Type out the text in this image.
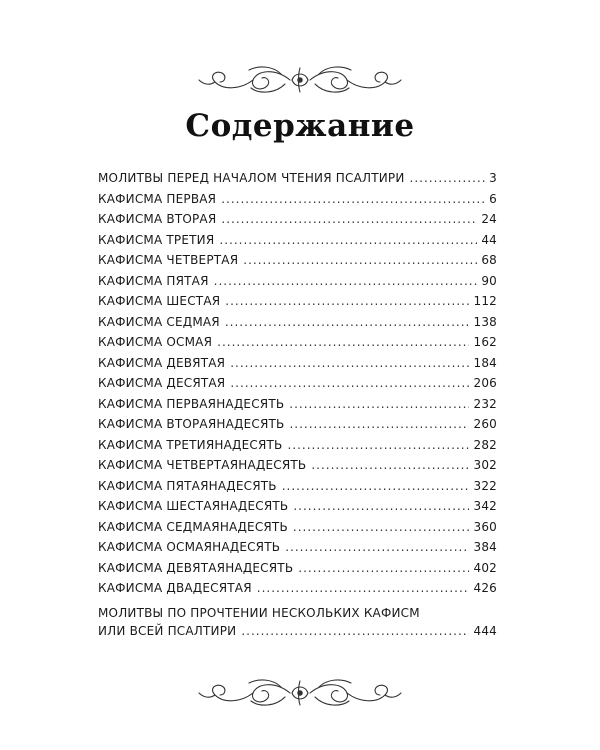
Содержание
МОЛИТВЫ ПЕРЕД НАЧАЛОМ ЧТЕНИЯ ПСАЛТИРИ .....	3
КАФИСМА ПЕРВАЯ .....	6
КАФИСМА ВТОРАЯ .....	24
КАФИСМА ТРЕТИЯ .....	44
КАФИСМА ЧЕТВЕРТАЯ .....	68
КАФИСМА ПЯТАЯ .....	90
КАФИСМА ШЕСТАЯ .....	112
КАФИСМА СЕДМАЯ .....	138
КАФИСМА ОСМАЯ .....	162
КАФИСМА ДЕВЯТАЯ .....	184
КАФИСМА ДЕСЯТАЯ .....	206
КАФИСМА ПЕРВАЯНАДЕСЯТЬ .....	232
КАФИСМА ВТОРАЯНАДЕСЯТЬ .....	260
КАФИСМА ТРЕТИЯНАДЕСЯТЬ .....	282
КАФИСМА ЧЕТВЕРТАЯНАДЕСЯТЬ .....	302
КАФИСМА ПЯТАЯНАДЕСЯТЬ .....	322
КАФИСМА ШЕСТАЯНАДЕСЯТЬ .....	342
КАФИСМА СЕДМАЯНАДЕСЯТЬ .....	360
КАФИСМА ОСМАЯНАДЕСЯТЬ .....	384
КАФИСМА ДЕВЯТАЯНАДЕСЯТЬ .....	402
КАФИСМА ДВАДЕСЯТАЯ .....	426
МОЛИТВЫ ПО ПРОЧТЕНИИ НЕСКОЛЬКИХ КАФИСМ
ИЛИ ВСЕЙ ПСАЛТИРИ .....	444
